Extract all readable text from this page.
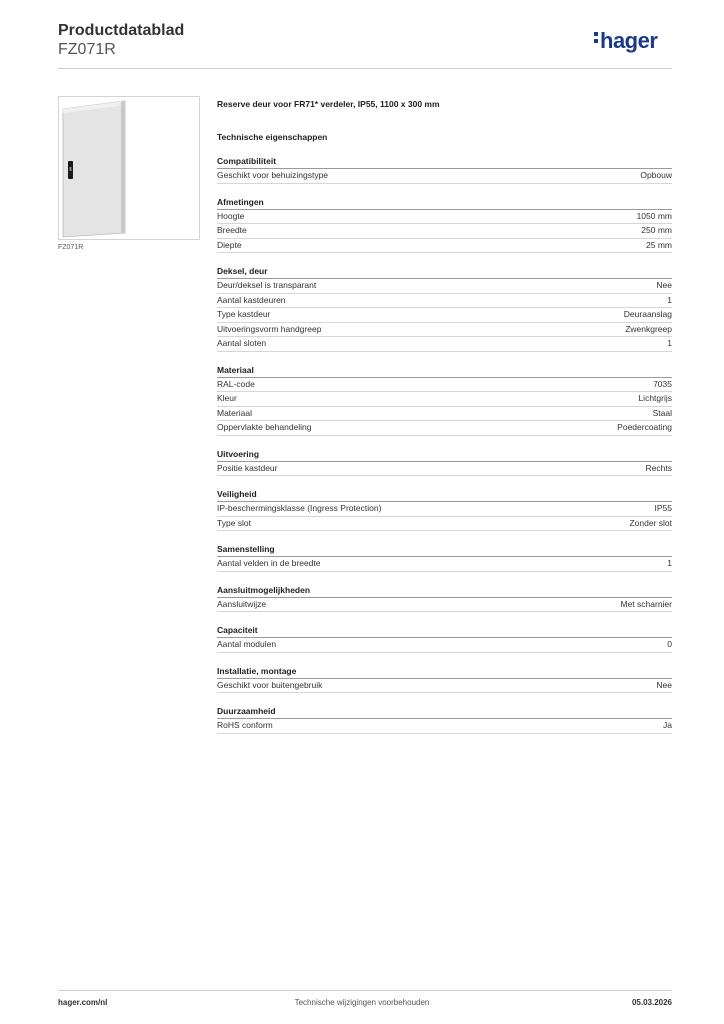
Productdatablad
FZ071R	hager
FZ071R
Reserve deur voor FR71* verdeler, IP55, 1100 x 300 mm
Technische eigenschappen
Compatibiliteit
Geschikt voor behuizingstype	Opbouw
Afmetingen
Hoogte	1050 mm
Breedte	250 mm
Diepte	25 mm
Deksel, deur
Deur/deksel is transparant	Nee
Aantal kastdeuren	1
Type kastdeur	Deuraanslag
Uitvoeringsvorm handgreep	Zwenkgreep
Aantal sloten	1
Materiaal
RAL-code	7035
Kleur	Lichtgrijs
Materiaal	Staal
Oppervlakte behandeling	Poedercoating
Uitvoering
Positie kastdeur	Rechts
Veiligheid
IP-beschermingsklasse (Ingress Protection)	IP55
Type slot	Zonder slot
Samenstelling
Aantal velden in de breedte	1
Aansluitmogelijkheden
Aansluitwijze	Met scharnier
Capaciteit
Aantal modulen	0
Installatie, montage
Geschikt voor buitengebruik	Nee
Duurzaamheid
RoHS conform	Ja
hager.com/nl	Technische wijzigingen voorbehouden	05.03.2026
